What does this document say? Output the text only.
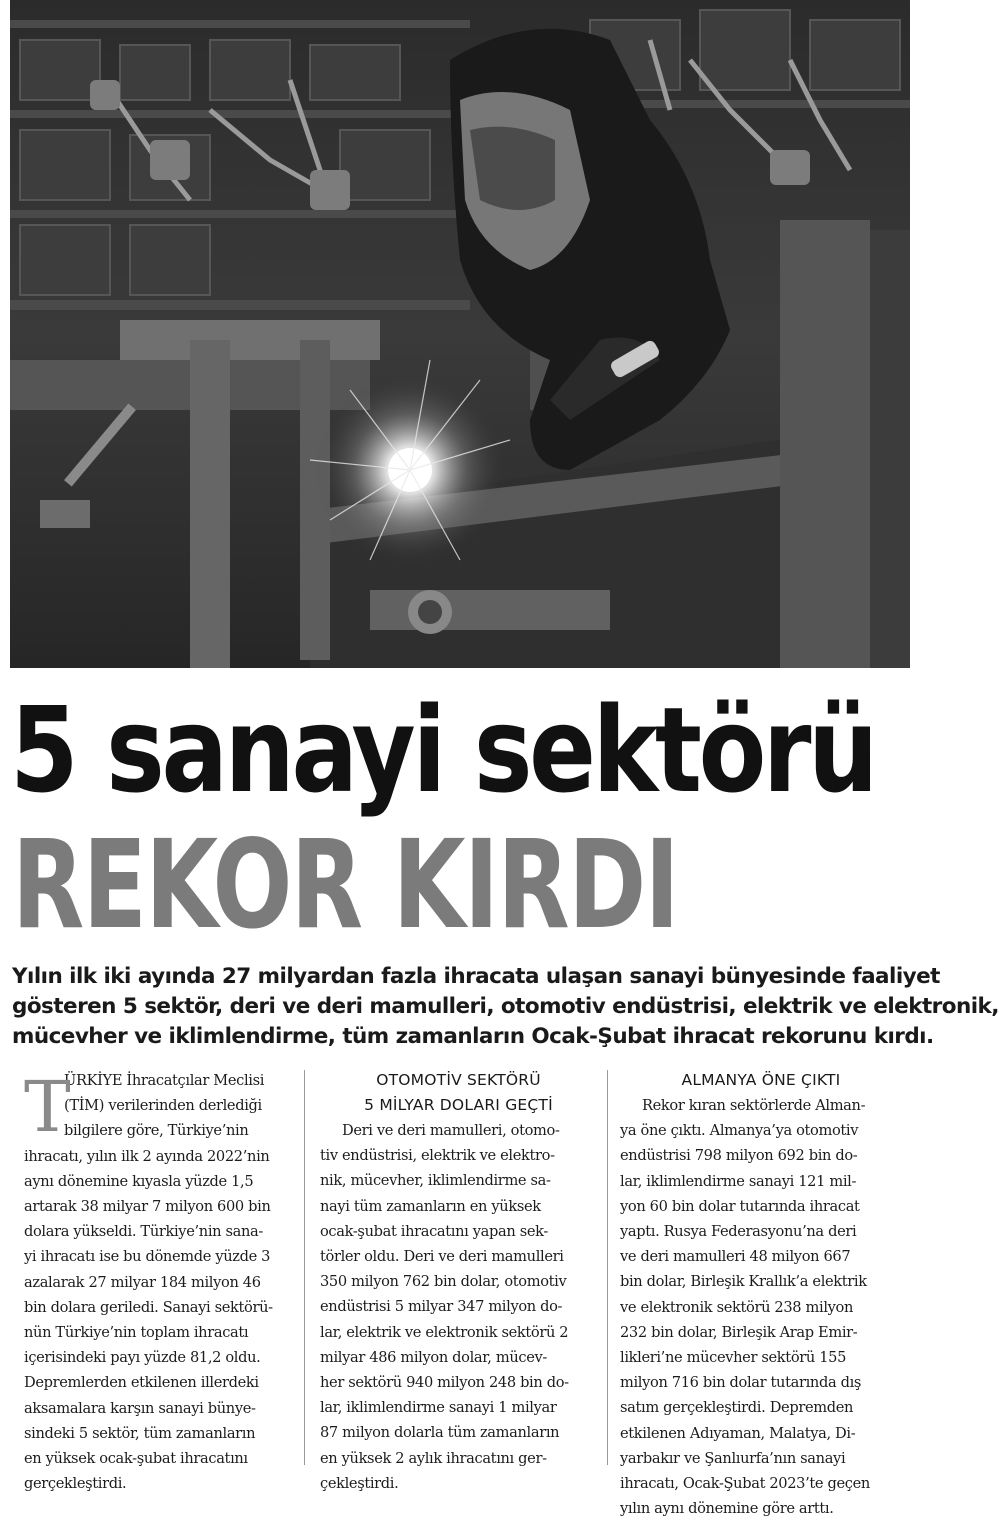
5 sanayi sektörü
REKOR KIRDI
Yılın ilk iki ayında 27 milyardan fazla ihracata ulaşan sanayi bünyesinde faaliyet
gösteren 5 sektör, deri ve deri mamulleri, otomotiv endüstrisi, elektrik ve elektronik,
mücevher ve iklimlendirme, tüm zamanların Ocak-Şubat ihracat rekorunu kırdı.
T
ÜRKİYE İhracatçılar Meclisi
(TİM) verilerinden derlediği
bilgilere göre, Türkiye’nin
ihracatı, yılın ilk 2 ayında 2022’nin
aynı dönemine kıyasla yüzde 1,5
artarak 38 milyar 7 milyon 600 bin
dolara yükseldi. Türkiye’nin sana-
yi ihracatı ise bu dönemde yüzde 3
azalarak 27 milyar 184 milyon 46
bin dolara geriledi. Sanayi sektörü-
nün Türkiye’nin toplam ihracatı
içerisindeki payı yüzde 81,2 oldu.
Depremlerden etkilenen illerdeki
aksamalara karşın sanayi bünye-
sindeki 5 sektör, tüm zamanların
en yüksek ocak-şubat ihracatını
gerçekleştirdi.
OTOMOTİV SEKTÖRÜ
5 MİLYAR DOLARI GEÇTİ
Deri ve deri mamulleri, otomo-
tiv endüstrisi, elektrik ve elektro-
nik, mücevher, iklimlendirme sa-
nayi tüm zamanların en yüksek
ocak-şubat ihracatını yapan sek-
törler oldu. Deri ve deri mamulleri
350 milyon 762 bin dolar, otomotiv
endüstrisi 5 milyar 347 milyon do-
lar, elektrik ve elektronik sektörü 2
milyar 486 milyon dolar, mücev-
her sektörü 940 milyon 248 bin do-
lar, iklimlendirme sanayi 1 milyar
87 milyon dolarla tüm zamanların
en yüksek 2 aylık ihracatını ger-
çekleştirdi.
ALMANYA ÖNE ÇIKTI
Rekor kıran sektörlerde Alman-
ya öne çıktı. Almanya’ya otomotiv
endüstrisi 798 milyon 692 bin do-
lar, iklimlendirme sanayi 121 mil-
yon 60 bin dolar tutarında ihracat
yaptı. Rusya Federasyonu’na deri
ve deri mamulleri 48 milyon 667
bin dolar, Birleşik Krallık’a elektrik
ve elektronik sektörü 238 milyon
232 bin dolar, Birleşik Arap Emir-
likleri’ne mücevher sektörü 155
milyon 716 bin dolar tutarında dış
satım gerçekleştirdi. Depremden
etkilenen Adıyaman, Malatya, Di-
yarbakır ve Şanlıurfa’nın sanayi
ihracatı, Ocak-Şubat 2023’te geçen
yılın aynı dönemine göre arttı.
